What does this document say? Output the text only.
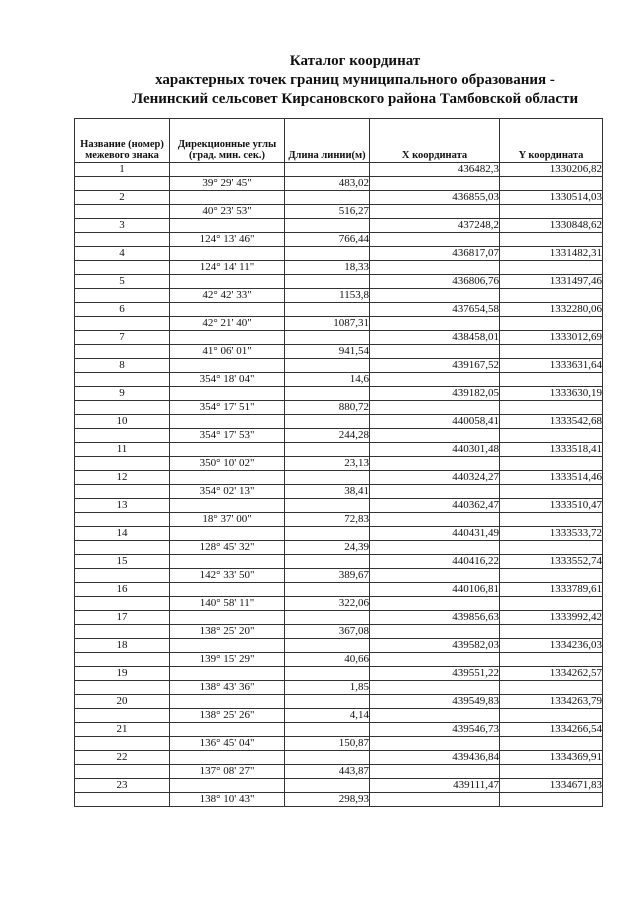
Каталог координат
характерных точек границ муниципального образования -
Ленинский сельсовет Кирсановского района Тамбовской области
Название (номер) межевого знака	Дирекционные углы (град. мин. сек.)	Длина линии(м)	X координата	Y координата
1			436482,3	1330206,82
	39° 29' 45"	483,02		
2			436855,03	1330514,03
	40° 23' 53"	516,27		
3			437248,2	1330848,62
	124° 13' 46"	766,44		
4			436817,07	1331482,31
	124° 14' 11"	18,33		
5			436806,76	1331497,46
	42° 42' 33"	1153,8		
6			437654,58	1332280,06
	42° 21' 40"	1087,31		
7			438458,01	1333012,69
	41° 06' 01"	941,54		
8			439167,52	1333631,64
	354° 18' 04"	14,6		
9			439182,05	1333630,19
	354° 17' 51"	880,72		
10			440058,41	1333542,68
	354° 17' 53"	244,28		
11			440301,48	1333518,41
	350° 10' 02"	23,13		
12			440324,27	1333514,46
	354° 02' 13"	38,41		
13			440362,47	1333510,47
	18° 37' 00"	72,83		
14			440431,49	1333533,72
	128° 45' 32"	24,39		
15			440416,22	1333552,74
	142° 33' 50"	389,67		
16			440106,81	1333789,61
	140° 58' 11"	322,06		
17			439856,63	1333992,42
	138° 25' 20"	367,08		
18			439582,03	1334236,03
	139° 15' 29"	40,66		
19			439551,22	1334262,57
	138° 43' 36"	1,85		
20			439549,83	1334263,79
	138° 25' 26"	4,14		
21			439546,73	1334266,54
	136° 45' 04"	150,87		
22			439436,84	1334369,91
	137° 08' 27"	443,87		
23			439111,47	1334671,83
	138° 10' 43"	298,93		
